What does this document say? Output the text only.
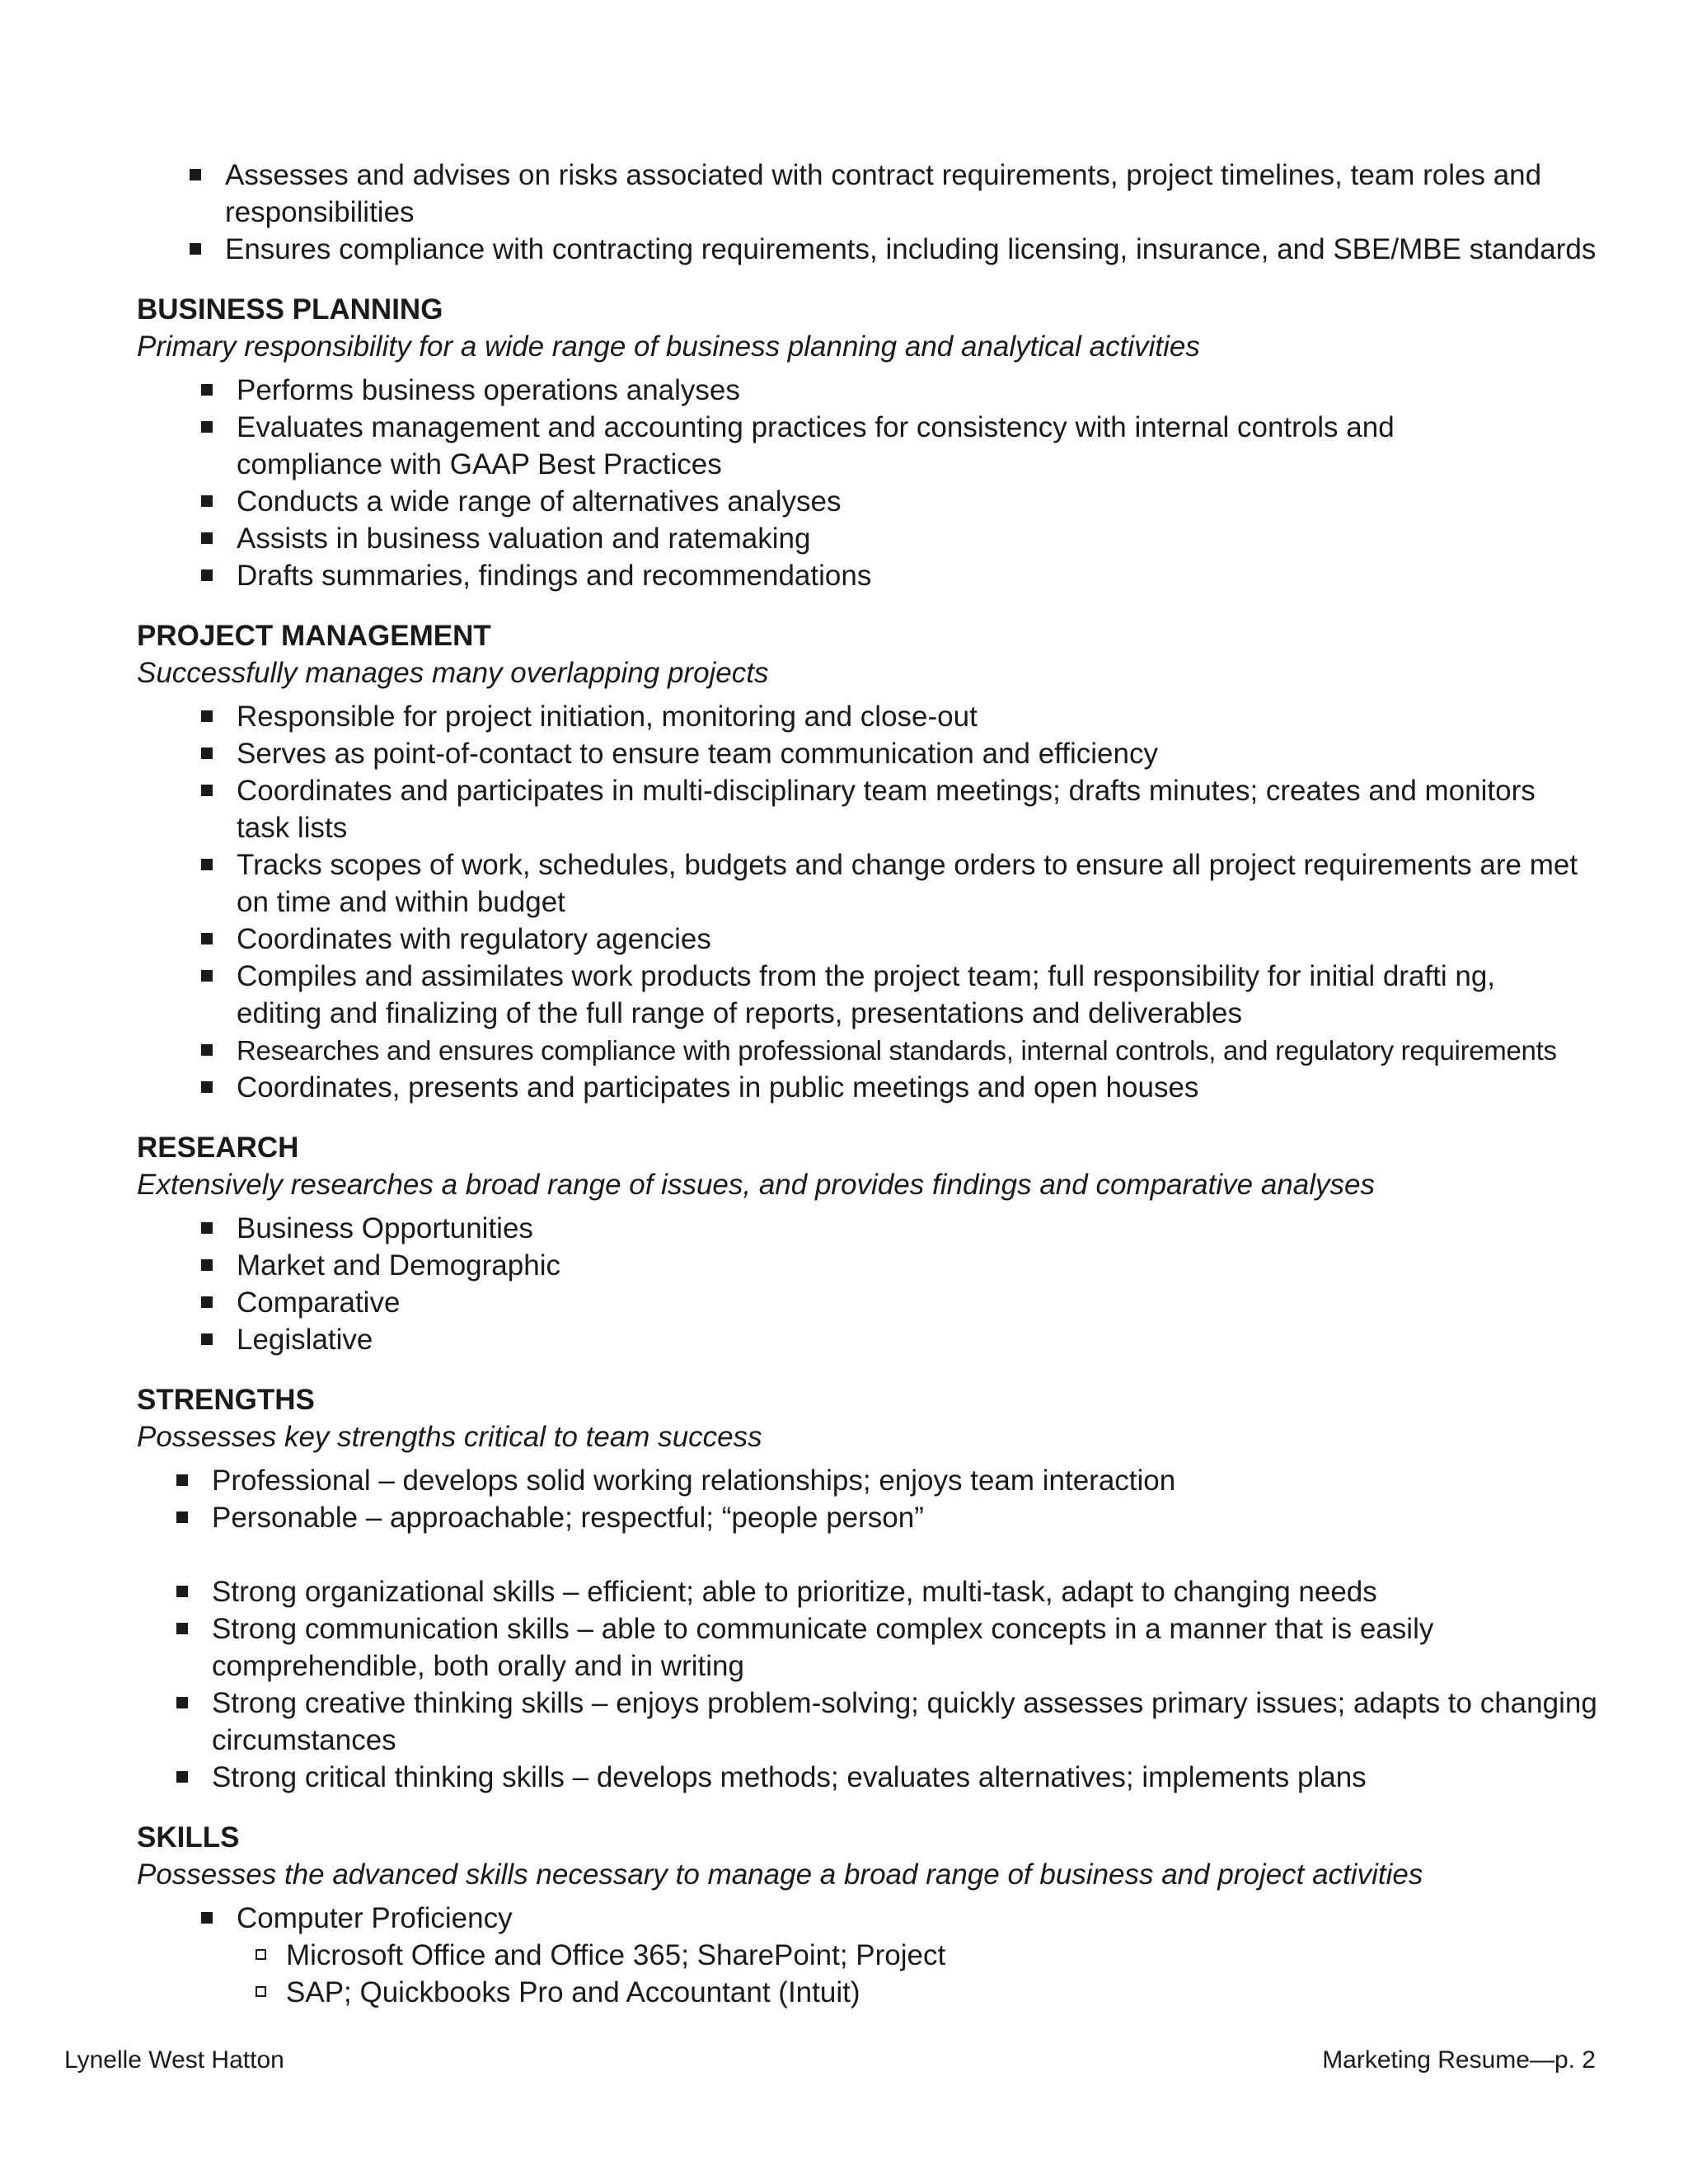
Assesses and advises on risks associated with contract requirements, project timelines, team roles and responsibilities
Ensures compliance with contracting requirements, including licensing, insurance, and SBE/MBE standards
BUSINESS PLANNING

Primary responsibility for a wide range of business planning and analytical activities

Performs business operations analyses
Evaluates management and accounting practices for consistency with internal controls and compliance with GAAP Best Practices
Conducts a wide range of alternatives analyses
Assists in business valuation and ratemaking
Drafts summaries, findings and recommendations
PROJECT MANAGEMENT

Successfully manages many overlapping projects

Responsible for project initiation, monitoring and close-out
Serves as point-of-contact to ensure team communication and efficiency
Coordinates and participates in multi-disciplinary team meetings; drafts minutes; creates and monitors task lists
Tracks scopes of work, schedules, budgets and change orders to ensure all project requirements are met on time and within budget
Coordinates with regulatory agencies
Compiles and assimilates work products from the project team; full responsibility for initial drafti ng, editing and finalizing of the full range of reports, presentations and deliverables
Researches and ensures compliance with professional standards, internal controls, and regulatory requirements
Coordinates, presents and participates in public meetings and open houses
RESEARCH

Extensively researches a broad range of issues, and provides findings and comparative analyses

Business Opportunities
Market and Demographic
Comparative
Legislative
STRENGTHS

Possesses key strengths critical to team success

Professional – develops solid working relationships; enjoys team interaction
Personable – approachable; respectful; “people person”
Strong organizational skills – efficient; able to prioritize, multi-task, adapt to changing needs
Strong communication skills – able to communicate complex concepts in a manner that is easily comprehendible, both orally and in writing
Strong creative thinking skills – enjoys problem-solving; quickly assesses primary issues; adapts to changing circumstances
Strong critical thinking skills – develops methods; evaluates alternatives; implements plans
SKILLS

Possesses the advanced skills necessary to manage a broad range of business and project activities

Computer Proficiency
Microsoft Office and Office 365; SharePoint; Project
SAP; Quickbooks Pro and Accountant (Intuit)
Lynelle West Hatton	Marketing Resume—p. 2
